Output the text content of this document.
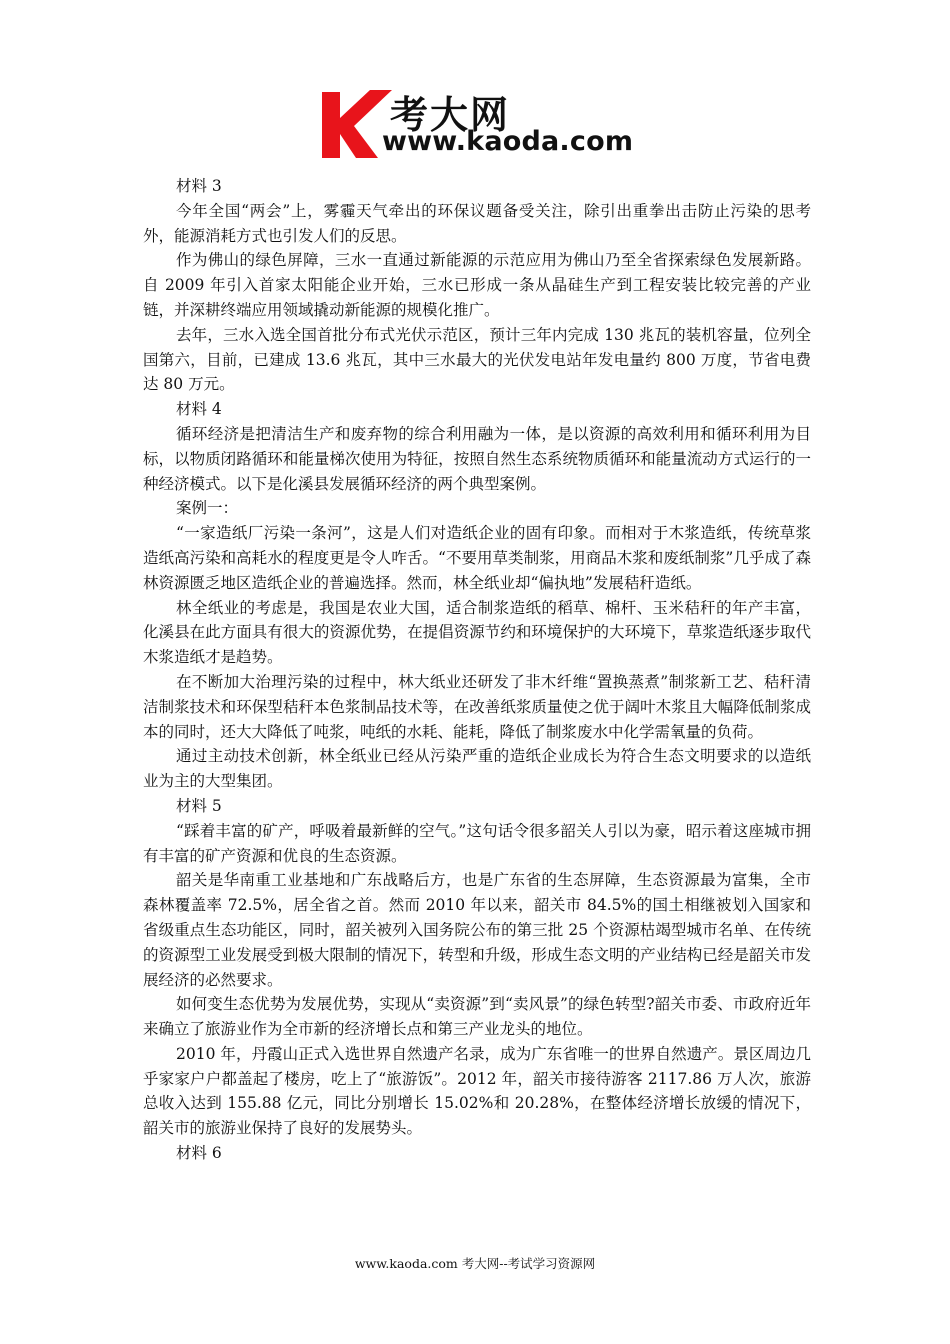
考大网
www.kaoda.com

材料 3

今年全国“两会”上，雾霾天气牵出的环保议题备受关注，除引出重拳出击防止污染的思考外，能源消耗方式也引发人们的反思。

作为佛山的绿色屏障，三水一直通过新能源的示范应用为佛山乃至全省探索绿色发展新路。自 2009 年引入首家太阳能企业开始，三水已形成一条从晶硅生产到工程安装比较完善的产业链，并深耕终端应用领域撬动新能源的规模化推广。

去年，三水入选全国首批分布式光伏示范区，预计三年内完成 130 兆瓦的装机容量，位列全国第六，目前，已建成 13.6 兆瓦，其中三水最大的光伏发电站年发电量约 800 万度，节省电费达 80 万元。

材料 4

循环经济是把清洁生产和废弃物的综合利用融为一体，是以资源的高效利用和循环利用为目标，以物质闭路循环和能量梯次使用为特征，按照自然生态系统物质循环和能量流动方式运行的一种经济模式。以下是化溪县发展循环经济的两个典型案例。

案例一：

“一家造纸厂污染一条河”，这是人们对造纸企业的固有印象。而相对于木浆造纸，传统草浆造纸高污染和高耗水的程度更是令人咋舌。“不要用草类制浆，用商品木浆和废纸制浆”几乎成了森林资源匮乏地区造纸企业的普遍选择。然而，林全纸业却“偏执地”发展秸秆造纸。

林全纸业的考虑是，我国是农业大国，适合制浆造纸的稻草、棉杆、玉米秸秆的年产丰富，化溪县在此方面具有很大的资源优势，在提倡资源节约和环境保护的大环境下，草浆造纸逐步取代木浆造纸才是趋势。

在不断加大治理污染的过程中，林大纸业还研发了非木纤维“置换蒸煮”制浆新工艺、秸秆清洁制浆技术和环保型秸秆本色浆制品技术等，在改善纸浆质量使之优于阔叶木浆且大幅降低制浆成本的同时，还大大降低了吨浆，吨纸的水耗、能耗，降低了制浆废水中化学需氧量的负荷。

通过主动技术创新，林全纸业已经从污染严重的造纸企业成长为符合生态文明要求的以造纸业为主的大型集团。

材料 5

“踩着丰富的矿产，呼吸着最新鲜的空气。”这句话令很多韶关人引以为豪，昭示着这座城市拥有丰富的矿产资源和优良的生态资源。

韶关是华南重工业基地和广东战略后方，也是广东省的生态屏障，生态资源最为富集，全市森林覆盖率 72.5%，居全省之首。然而 2010 年以来，韶关市 84.5%的国土相继被划入国家和省级重点生态功能区，同时，韶关被列入国务院公布的第三批 25 个资源枯竭型城市名单、在传统的资源型工业发展受到极大限制的情况下，转型和升级，形成生态文明的产业结构已经是韶关市发展经济的必然要求。

如何变生态优势为发展优势，实现从“卖资源”到“卖风景”的绿色转型?韶关市委、市政府近年来确立了旅游业作为全市新的经济增长点和第三产业龙头的地位。

2010 年，丹霞山正式入选世界自然遗产名录，成为广东省唯一的世界自然遗产。景区周边几乎家家户户都盖起了楼房，吃上了“旅游饭”。2012 年，韶关市接待游客 2117.86 万人次，旅游总收入达到 155.88 亿元，同比分别增长 15.02%和 20.28%，在整体经济增长放缓的情况下，韶关市的旅游业保持了良好的发展势头。

材料 6

www.kaoda.com 考大网--考试学习资源网
